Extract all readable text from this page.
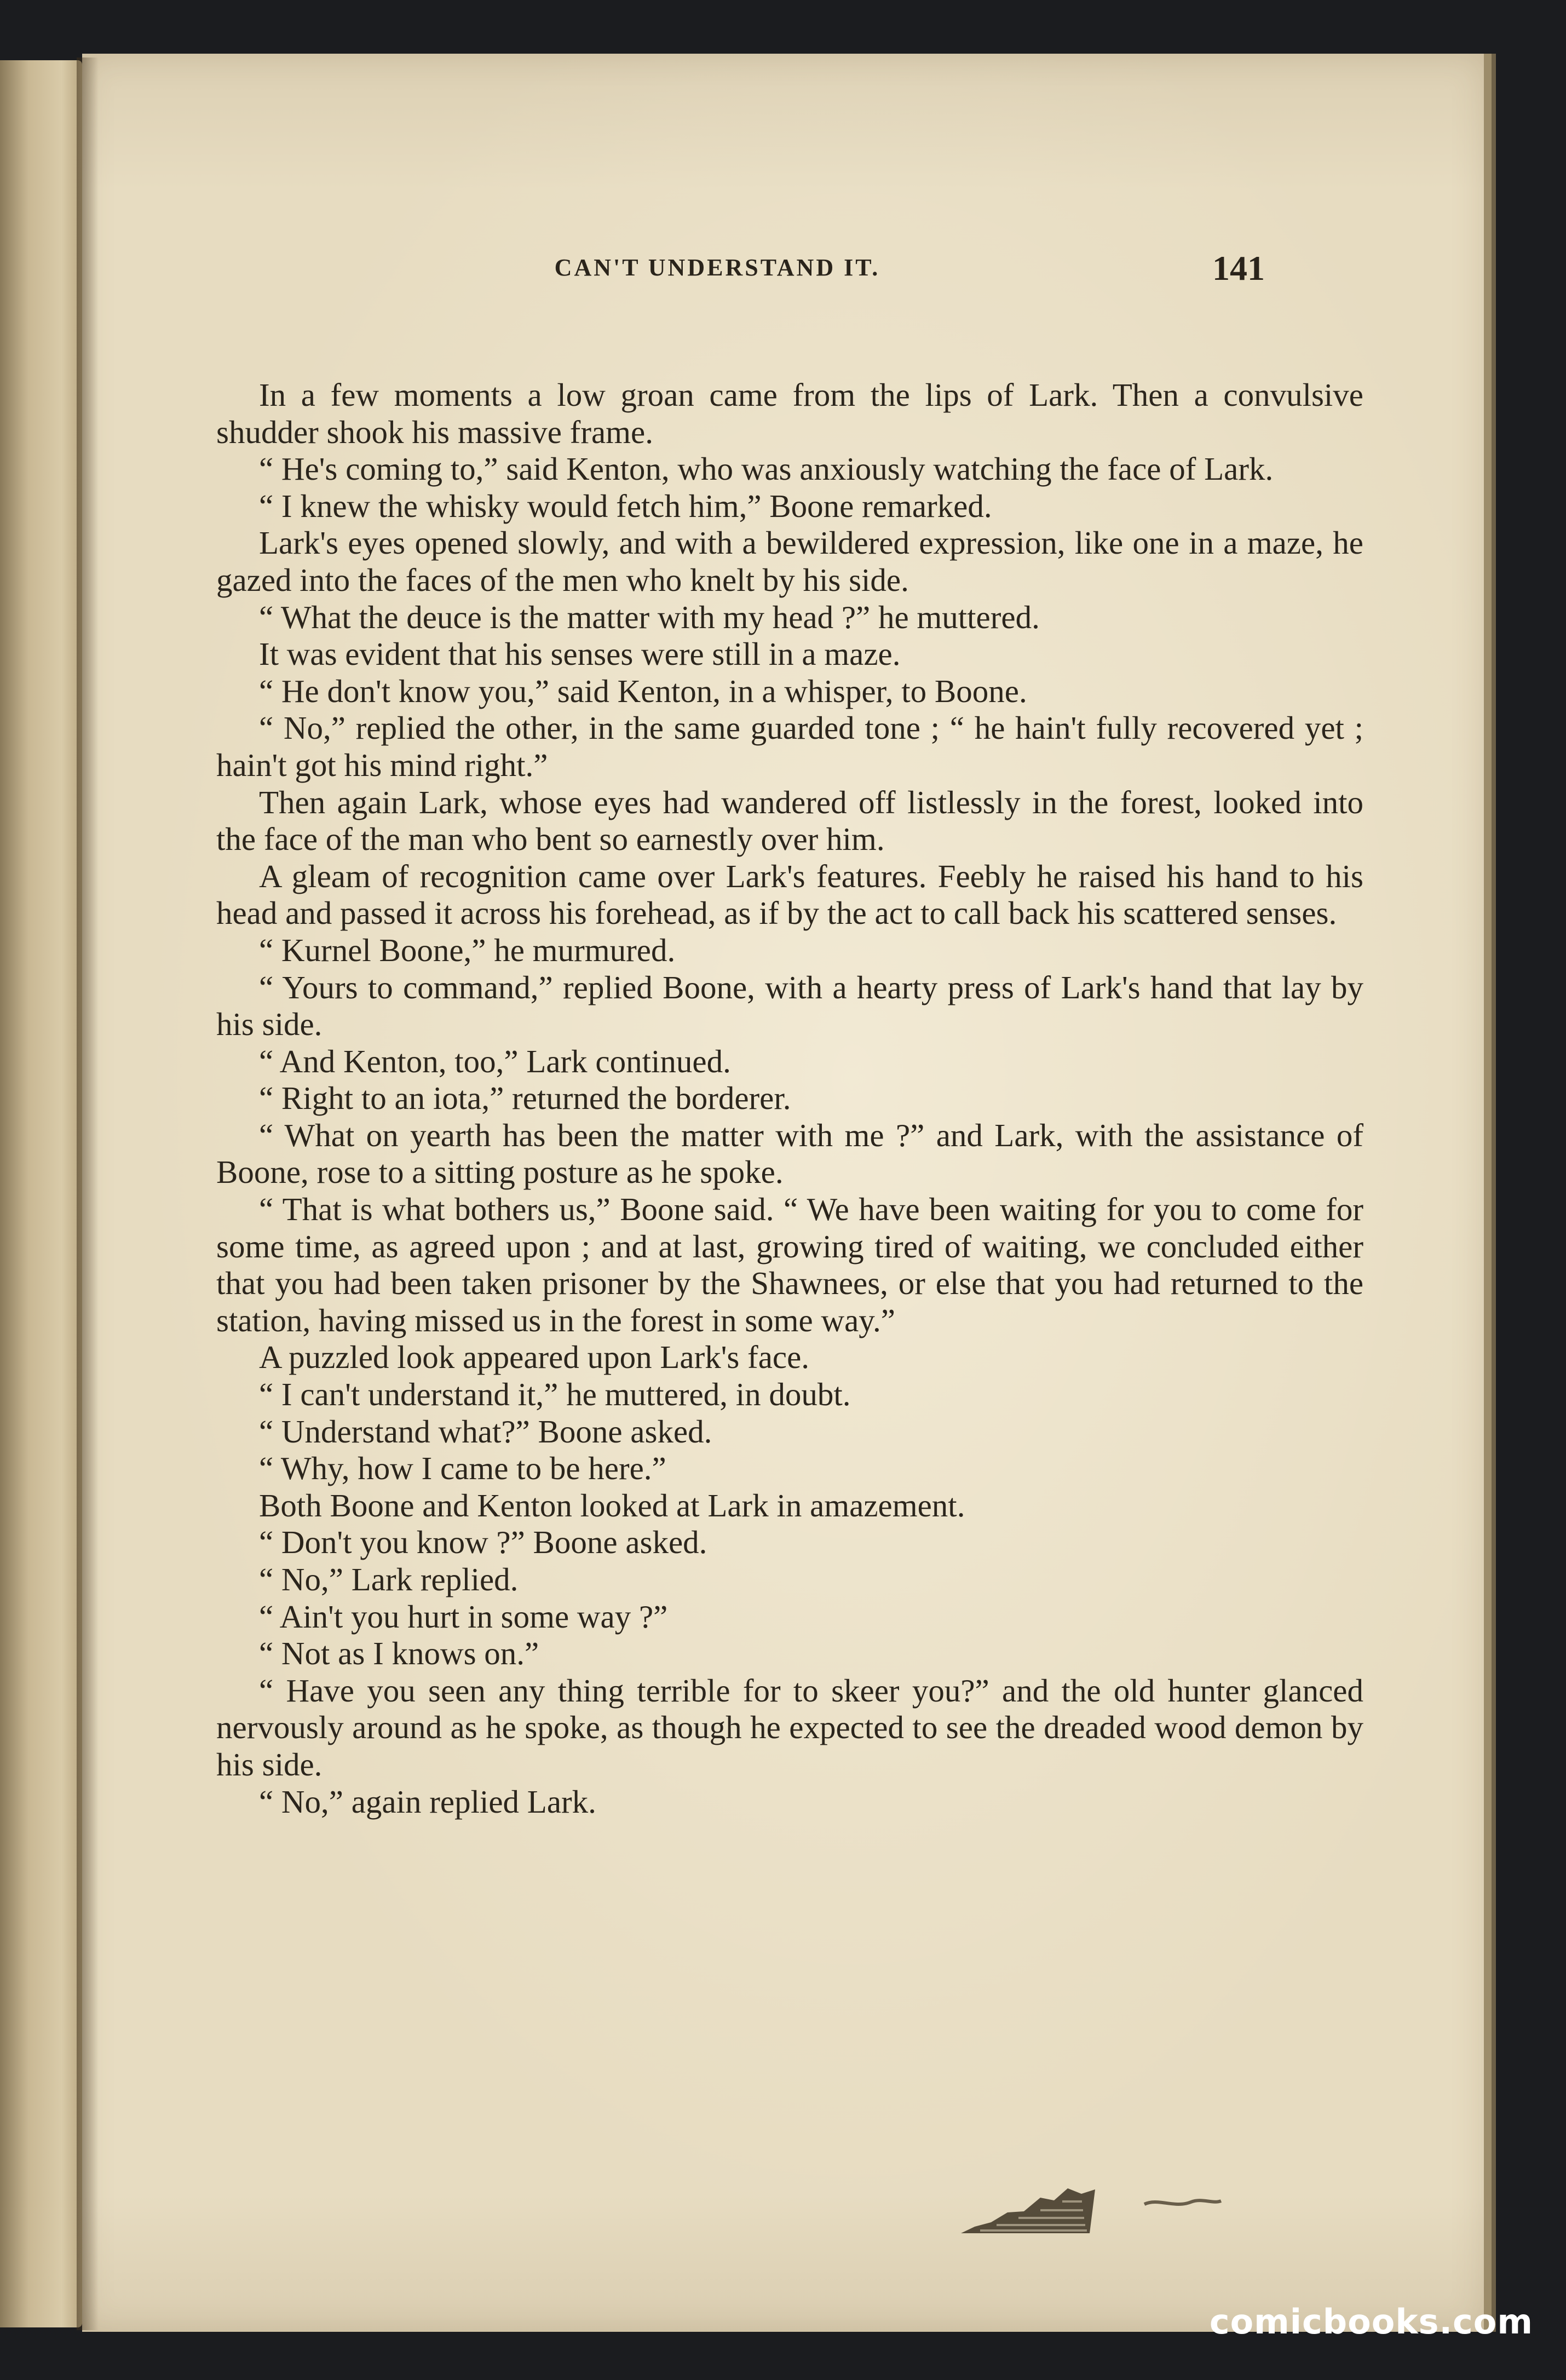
CAN'T UNDERSTAND IT.	141

In a few moments a low groan came from the lips of Lark. Then a convulsive shudder shook his massive frame.

“ He's coming to,” said Kenton, who was anxiously watching the face of Lark.

“ I knew the whisky would fetch him,” Boone remarked.

Lark's eyes opened slowly, and with a bewildered expression, like one in a maze, he gazed into the faces of the men who knelt by his side.

“ What the deuce is the matter with my head ?” he muttered.

It was evident that his senses were still in a maze.

“ He don't know you,” said Kenton, in a whisper, to Boone.

“ No,” replied the other, in the same guarded tone ; “ he hain't fully recovered yet ; hain't got his mind right.”

Then again Lark, whose eyes had wandered off listlessly in the forest, looked into the face of the man who bent so earnestly over him.

A gleam of recognition came over Lark's features. Feebly he raised his hand to his head and passed it across his forehead, as if by the act to call back his scattered senses.

“ Kurnel Boone,” he murmured.

“ Yours to command,” replied Boone, with a hearty press of Lark's hand that lay by his side.

“ And Kenton, too,” Lark continued.

“ Right to an iota,” returned the borderer.

“ What on yearth has been the matter with me ?” and Lark, with the assistance of Boone, rose to a sitting posture as he spoke.

“ That is what bothers us,” Boone said. “ We have been waiting for you to come for some time, as agreed upon ; and at last, growing tired of waiting, we concluded either that you had been taken prisoner by the Shawnees, or else that you had returned to the station, having missed us in the forest in some way.”

A puzzled look appeared upon Lark's face.

“ I can't understand it,” he muttered, in doubt.

“ Understand what?” Boone asked.

“ Why, how I came to be here.”

Both Boone and Kenton looked at Lark in amazement.

“ Don't you know ?” Boone asked.

“ No,” Lark replied.

“ Ain't you hurt in some way ?”

“ Not as I knows on.”

“ Have you seen any thing terrible for to skeer you?” and the old hunter glanced nervously around as he spoke, as though he expected to see the dreaded wood demon by his side.

“ No,” again replied Lark.

comicbooks.com
